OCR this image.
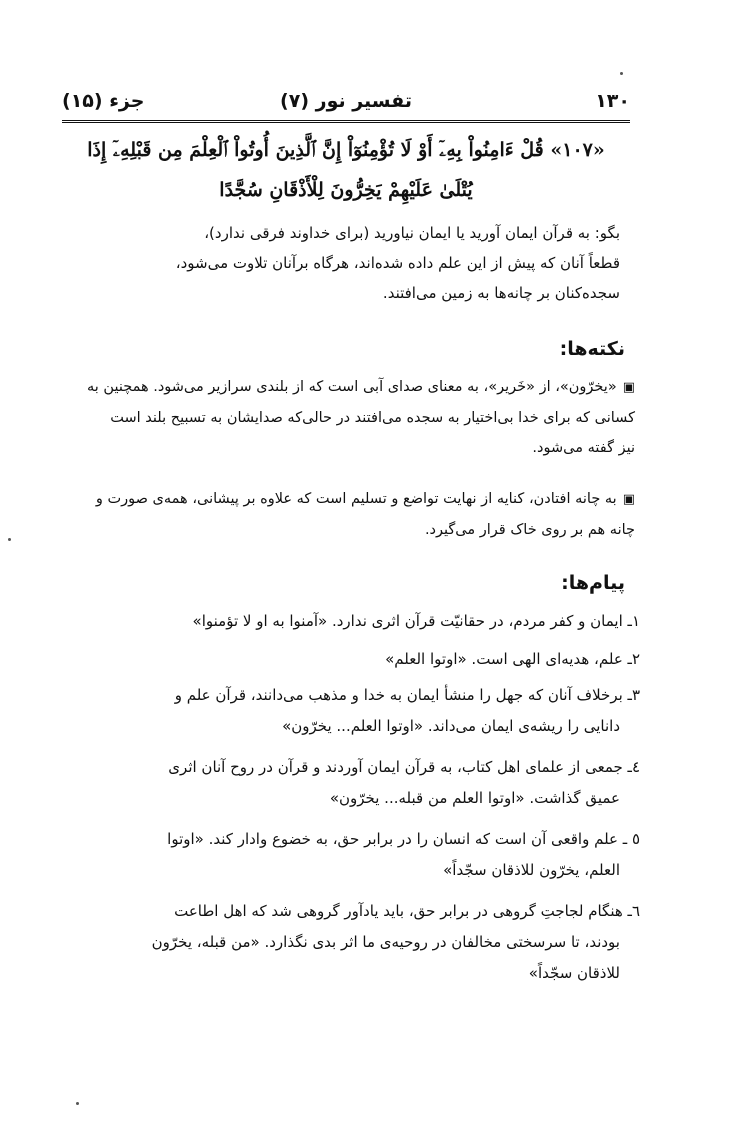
۱۳۰
تفسیر نور (۷)
جزء (۱۵)
«۱۰۷» قُلْ ءَامِنُواْ بِهِۦٓ أَوْ لَا تُؤْمِنُوٓاْ إِنَّ ٱلَّذِينَ أُوتُواْ ٱلْعِلْمَ مِن قَبْلِهِۦٓ إِذَا
يُتْلَىٰ عَلَيْهِمْ يَخِرُّونَ لِلْأَذْقَانِ سُجَّدًا
بگو: به قرآن ایمان آورید یا ایمان نیاورید (برای خداوند فرقی ندارد)،
قطعاً آنان که پیش از این علم داده شده‌اند، هرگاه برآنان تلاوت می‌شود،
سجده‌کنان بر چانه‌ها به زمین می‌افتند.
نکته‌ها:
▣«یخرّون»، از «خَریر»، به معنای صدای آبی است که از بلندی سرازیر می‌شود. همچنین به
کسانی که برای خدا بی‌اختیار به سجده می‌افتند در حالی‌که صدایشان به تسبیح بلند است
نیز گفته می‌شود.
▣به چانه افتادن، کنایه از نهایت تواضع و تسلیم است که علاوه بر پیشانی، همه‌ی صورت و
چانه هم بر روی خاک قرار می‌گیرد.
پیام‌ها:
۱ـ ایمان و کفر مردم، در حقانیّت قرآن اثری ندارد. «آمنوا به او لا تؤمنوا»
۲ـ علم، هدیه‌ای الهی است. «اوتوا العلم»
۳ـ برخلاف آنان که جهل را منشأ ایمان به خدا و مذهب می‌دانند، قرآن علم و
دانایی را ریشه‌ی ایمان می‌داند. «اوتوا العلم... یخرّون»
٤ـ جمعی از علمای اهل کتاب، به قرآن ایمان آوردند و قرآن در روح آنان اثری
عمیق گذاشت. «اوتوا العلم من قبله... یخرّون»
٥ ـ علم واقعی آن است که انسان را در برابر حق، به خضوع وادار کند. «اوتوا
العلم، یخرّون للاذقان سجّداً»
٦ـ هنگام لجاجتِ گروهی در برابر حق، باید یادآور گروهی شد که اهل اطاعت
بودند، تا سرسختی مخالفان در روحیه‌ی ما اثر بدی نگذارد. «من قبله، یخرّون
للاذقان سجّداً»
